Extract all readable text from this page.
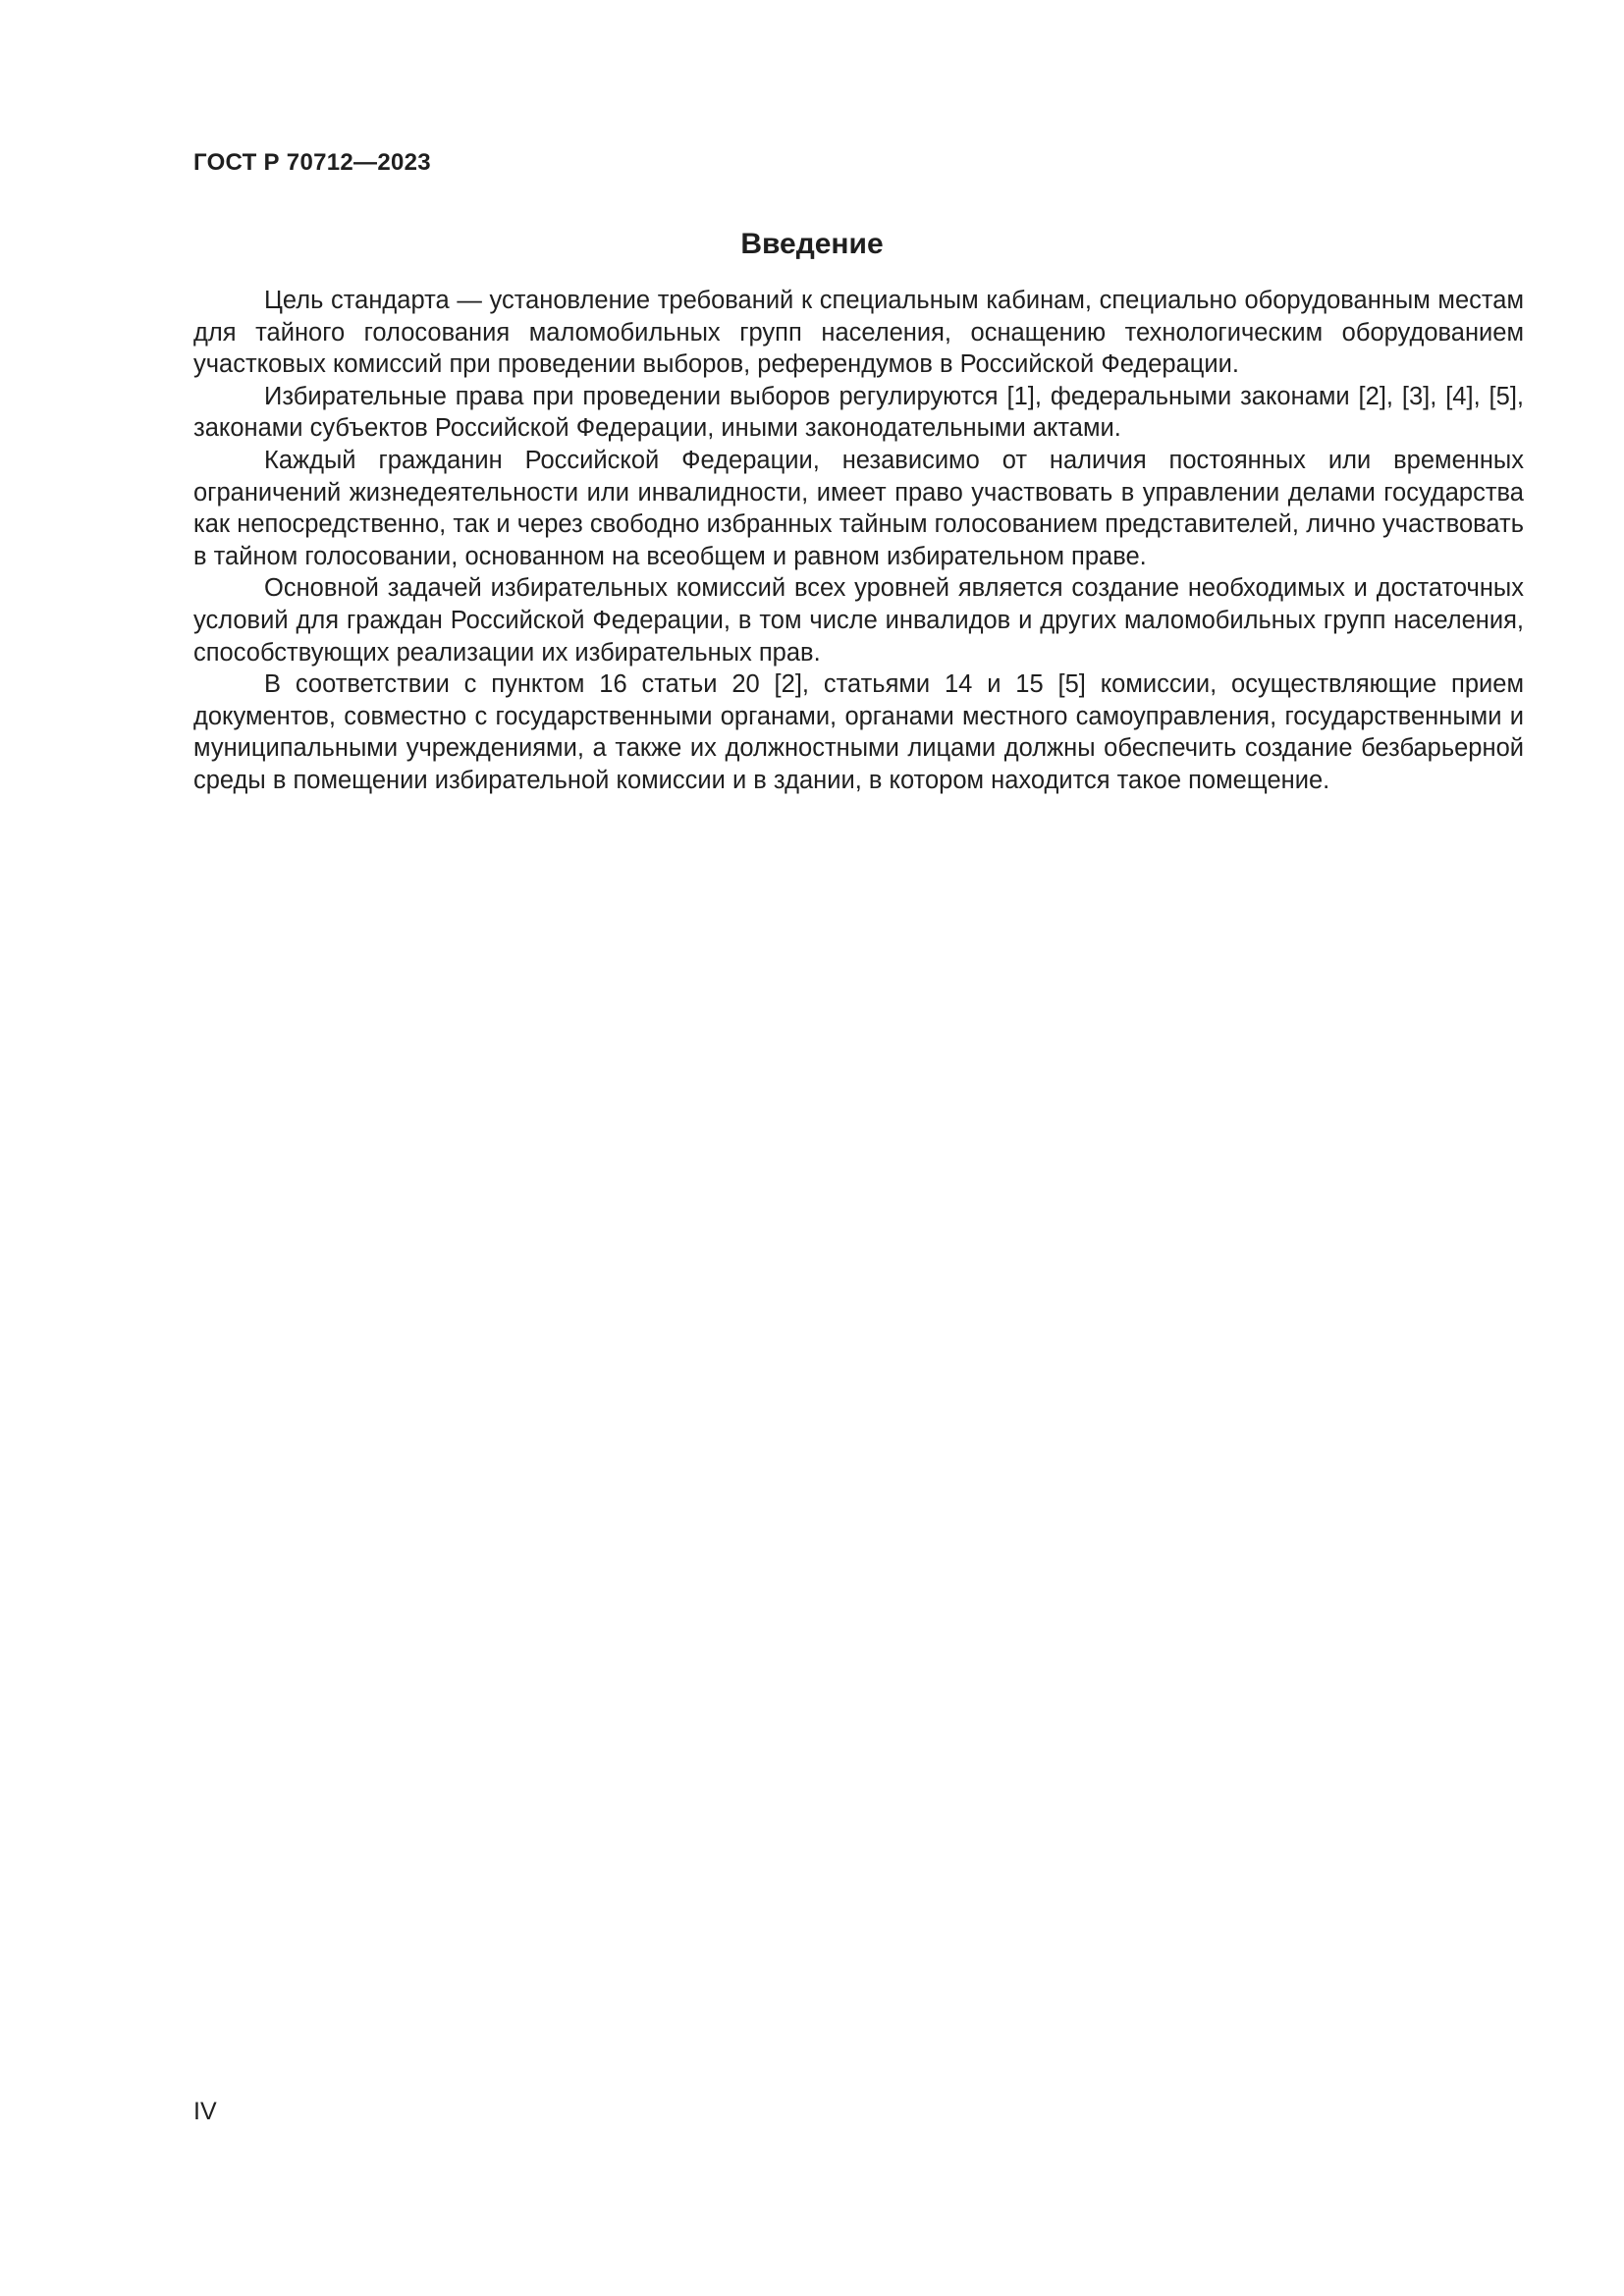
ГОСТ Р 70712—2023
Введение

Цель стандарта — установление требований к специальным кабинам, специально оборудованным местам для тайного голосования маломобильных групп населения, оснащению технологическим оборудованием участковых комиссий при проведении выборов, референдумов в Российской Федерации.

Избирательные права при проведении выборов регулируются [1], федеральными законами [2], [3], [4], [5], законами субъектов Российской Федерации, иными законодательными актами.

Каждый гражданин Российской Федерации, независимо от наличия постоянных или временных ограничений жизнедеятельности или инвалидности, имеет право участвовать в управлении делами государства как непосредственно, так и через свободно избранных тайным голосованием представителей, лично участвовать в тайном голосовании, основанном на всеобщем и равном избирательном праве.

Основной задачей избирательных комиссий всех уровней является создание необходимых и достаточных условий для граждан Российской Федерации, в том числе инвалидов и других маломобильных групп населения, способствующих реализации их избирательных прав.

В соответствии с пунктом 16 статьи 20 [2], статьями 14 и 15 [5] комиссии, осуществляющие прием документов, совместно с государственными органами, органами местного самоуправления, государственными и муниципальными учреждениями, а также их должностными лицами должны обеспечить создание безбарьерной среды в помещении избирательной комиссии и в здании, в котором находится такое помещение.

IV
